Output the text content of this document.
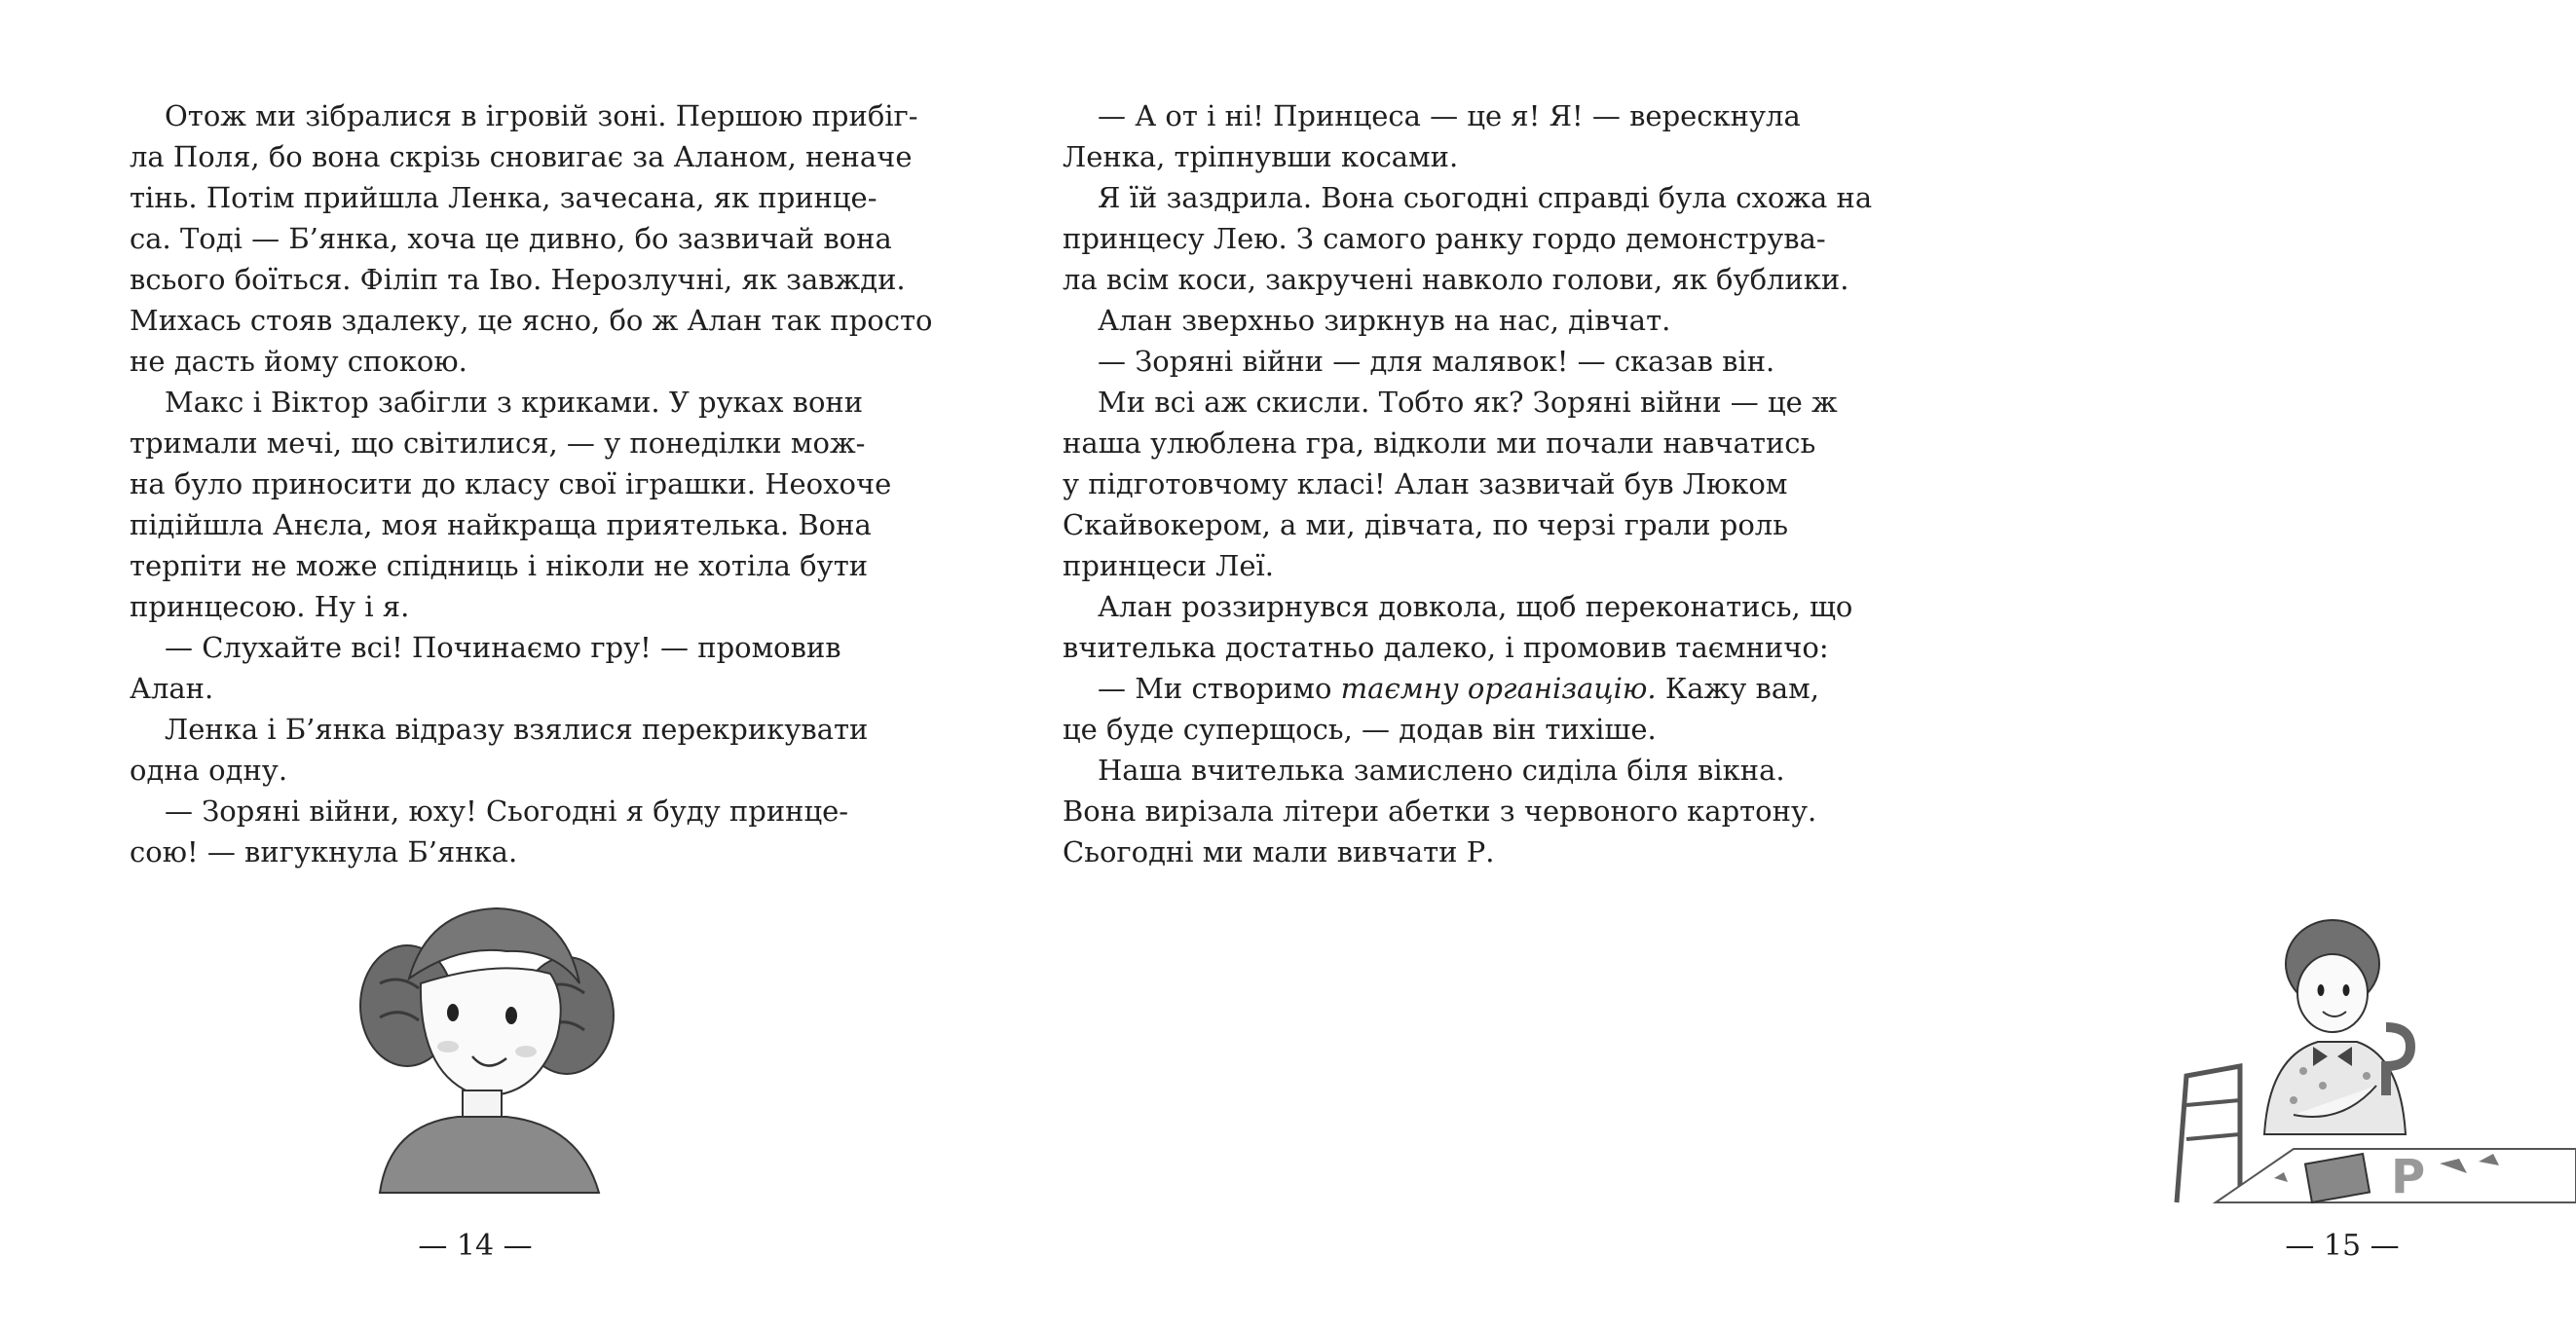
Отож ми зібралися в ігровій зоні. Першою прибіг-
ла Поля, бо вона скрізь сновигає за Аланом, неначе
тінь. Потім прийшла Ленка, зачесана, як принце-
са. Тоді — Б’янка, хоча це дивно, бо зазвичай вона
всього боїться. Філіп та Іво. Нерозлучні, як завжди.
Михась стояв здалеку, це ясно, бо ж Алан так просто
не дасть йому спокою.
Макс і Віктор забігли з криками. У руках вони
тримали мечі, що світилися, — у понеділки мож-
на було приносити до класу свої іграшки. Неохоче
підійшла Анєла, моя найкраща приятелька. Вона
терпіти не може спідниць і ніколи не хотіла бути
принцесою. Ну і я.
— Слухайте всі! Починаємо гру! — промовив
Алан.
Ленка і Б’янка відразу взялися перекрикувати
одна одну.
— Зоряні війни, юху! Сьогодні я буду принце-
сою! — вигукнула Б’янка.
— 14 —
— А от і ні! Принцеса — це я! Я! — верескнула
Ленка, тріпнувши косами.
Я їй заздрила. Вона сьогодні справді була схожа на
принцесу Лею. З самого ранку гордо демонструва-
ла всім коси, закручені навколо голови, як бублики.
Алан зверхньо зиркнув на нас, дівчат.
— Зоряні війни — для малявок! — сказав він.
Ми всі аж скисли. Тобто як? Зоряні війни — це ж
наша улюблена гра, відколи ми почали навчатись
у підготовчому класі! Алан зазвичай був Люком
Скайвокером, а ми, дівчата, по черзі грали роль
принцеси Леї.
Алан роззирнувся довкола, щоб переконатись, що
вчителька достатньо далеко, і промовив таємничо:
— Ми створимо таємну організацію. Кажу вам,
це буде суперщось, — додав він тихіше.
Наша вчителька замислено сиділа біля вікна.
Вона вирізала літери абетки з червоного картону.
Сьогодні ми мали вивчати Р.
P
— 15 —
